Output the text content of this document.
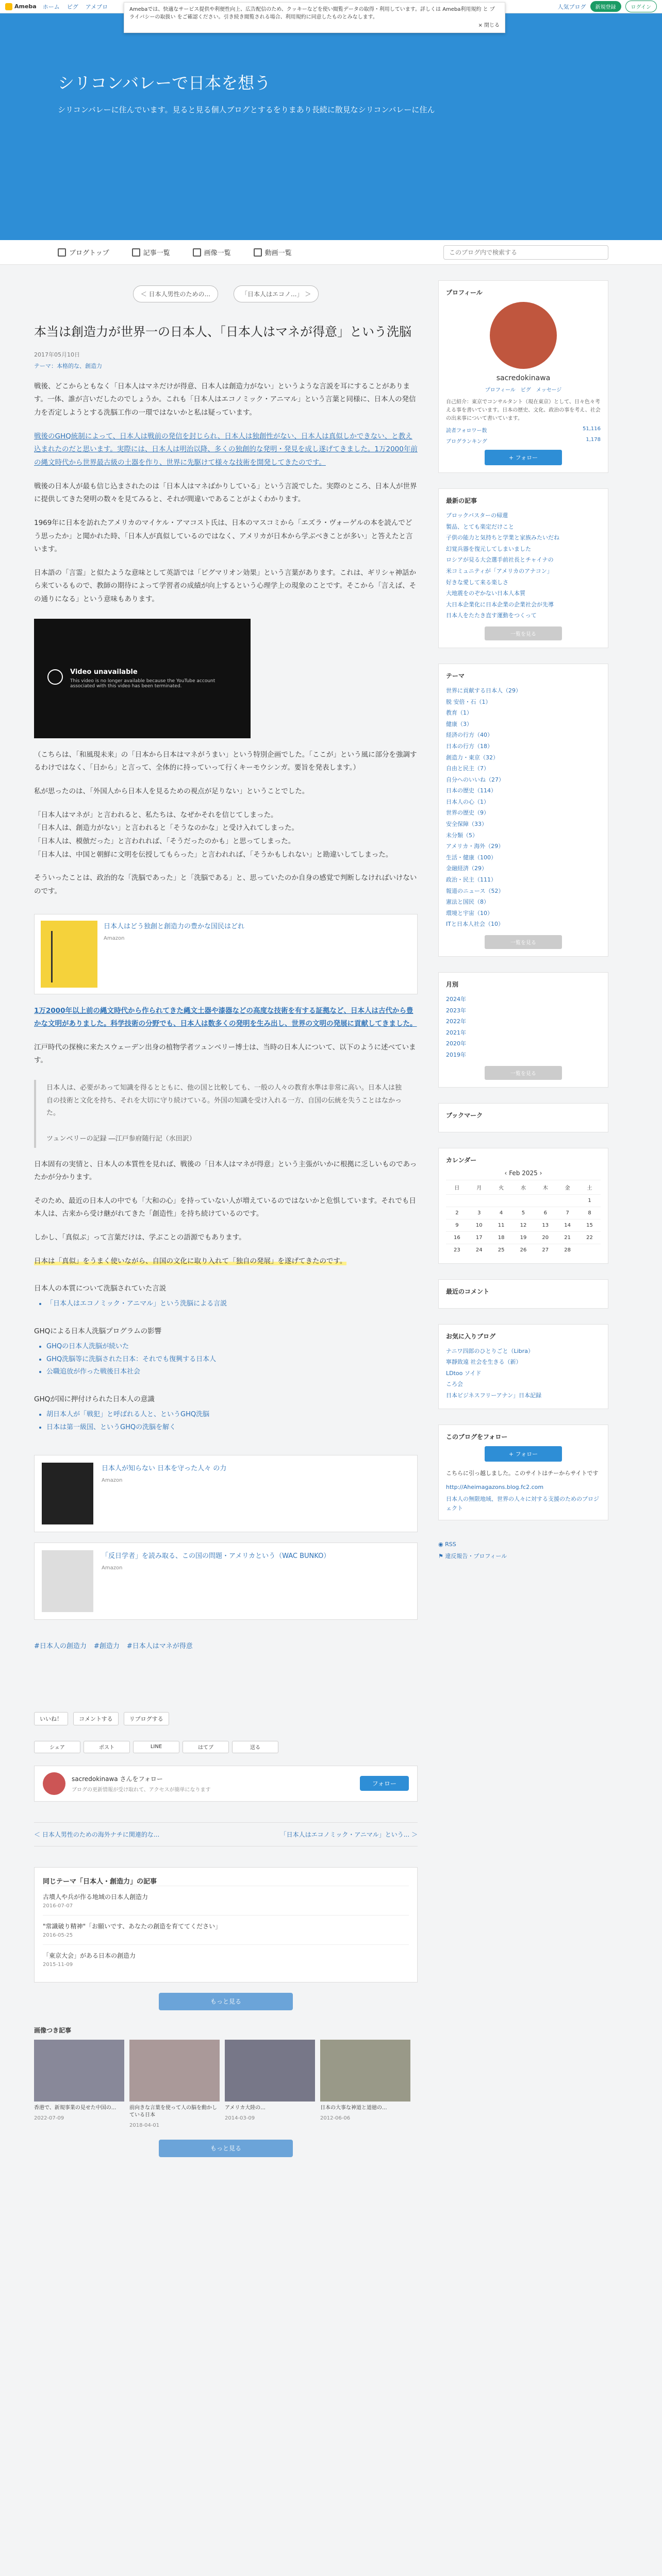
Ameba ホーム ピグ アメブロ	人気ブログ	新規登録	ログイン
Amebaでは、快適なサービス提供や利便性向上、広告配信のため、クッキーなどを使い閲覧データの取得・利用しています。詳しくは Ameba利用規約 と プライバシーの取扱い をご確認ください。引き続き閲覧される場合、利用規約に同意したものとみなします。
× 閉じる
シリコンバレーで日本を想う
シリコンバレーに住んでいます。見ると見る個人ブログとするをりまあり長続に散見なシリコンバレーに住ん
ブログトップ	記事一覧	画像一覧	動画一覧
このブログ内で検索する
＜ 日本人男性のための...	「日本人はエコノ...」 ＞
本当は創造力が世界一の日本人、「日本人はマネが得意」という洗脳
2017年05月10日
テーマ：本格的な、創造力

戦後、どこからともなく「日本人はマネだけが得意、日本人は創造力がない」というような言説を耳にすることがあります。一体、誰が言いだしたのでしょうか。これも「日本人はエコノミック・アニマル」という言葉と同様に、日本人の発信力を否定しようとする洗脳工作の一環ではないかと私は疑っています。

戦後のGHQ統制によって、日本人は戦前の発信を封じられ、日本人は独創性がない、日本人は真似しかできない、と教え込まれたのだと思います。実際には、日本人は明治以降、多くの独創的な発明・発見を成し遂げてきました。1万2000年前の縄文時代から世界最古級の土器を作り、世界に先駆けて様々な技術を開発してきたのです。

戦後の日本人が最も信じ込まされたのは「日本人はマネばかりしている」という言説でした。実際のところ、日本人が世界に提供してきた発明の数々を見てみると、それが間違いであることがよくわかります。

1969年に日本を訪れたアメリカのマイケル・アマコスト氏は、日本のマスコミから「エズラ・ヴォーゲルの本を読んでどう思ったか」と聞かれた時、「日本人が真似しているのではなく、アメリカが日本から学ぶべきことが多い」と答えたと言います。

日本語の「言霊」と似たような意味として英語では「ピグマリオン効果」という言葉があります。これは、ギリシャ神話から来ているもので、教師の期待によって学習者の成績が向上するという心理学上の現象のことです。そこから「言えば、その通りになる」という意味もあります。

Video unavailable
This video is no longer available because the YouTube account associated with this video has been terminated.

（こちらは、「和風現未来」の「日本から日本はマネがうまい」という特別企画でした。「ここが」という風に部分を強調するわけではなく、「日から」と言って、全体的に持っていって行くキーモウシンガ。要旨を発表します。）

私が思ったのは、「外国人から日本人を見るための視点が足りない」ということでした。

「日本人はマネが」と言われると、私たちは、なぜかそれを信じてしまった。
「日本人は、創造力がない」と言われると「そうなのかな」と受け入れてしまった。
「日本人は、模倣だった」と言われれば、「そうだったのかも」と思ってしまった。
「日本人は、中国と朝鮮に文明を伝授してもらった」と言われれば、「そうかもしれない」と勘違いしてしまった。

そういったことは、政治的な「洗脳であった」と「洗脳である」と、思っていたのか自身の感覚で判断しなければいけないのです。

日本人はどう独創と創造力の豊かな国民はどれ
Amazon

1万2000年以上前の縄文時代から作られてきた縄文土器や漆器などの高度な技術を有する証拠など、日本人は古代から豊かな文明がありました。科学技術の分野でも、日本人は数多くの発明を生み出し、世界の文明の発展に貢献してきました。

江戸時代の探検に来たスウェーデン出身の植物学者ツュンベリー博士は、当時の日本人について、以下のように述べています。

日本人は、必要があって知識を得るとともに、他の国と比較しても、一般の人々の教育水準は非常に高い。日本人は独自の技術と文化を持ち、それを大切に守り続けている。外国の知識を受け入れる一方、自国の伝統を失うことはなかった。

ツュンベリーの記録 ―江戸参府随行記（水田訳）

日本固有の実情と、日本人の本質性を見れば、戦後の「日本人はマネが得意」という主張がいかに根拠に乏しいものであったかが分かります。

そのため、最近の日本人の中でも「大和の心」を持っていない人が増えているのではないかと危惧しています。それでも日本人は、古来から受け継がれてきた「創造性」を持ち続けているのです。

しかし、「真似ぶ」って言葉だけは、学ぶことの語源でもあります。

日本は「真似」をうまく使いながら、自国の文化に取り入れて「独自の発展」を遂げてきたのです。

日本人の本質について洗脳されていた言説
• 「日本人はエコノミック・アニマル」という洗脳による言説
GHQによる日本人洗脳プログラムの影響
• GHQの日本人洗脳が続いた
• GHQ洗脳等に洗脳された日本：それでも復興する日本人
• 公職追放が作った戦後日本社会
GHQが国に押付けられた日本人の意識
• 胡日本人が「戦犯」と呼ばれる人と、というGHQ洗脳
• 日本は第一級国、というGHQの洗脳を解く
日本人が知らない 日本を守った人々 の力
Amazon
「反日学者」を読み取る、この国の問題・アメリカという（WAC BUNKO）
Amazon
#日本人の創造力 #創造力 #日本人はマネが得意
いいね！	コメントする	リブログする
シェア	ポスト	LINE	はてブ	送る
sacredokinawa さんをフォロー
ブログの更新情報が受け取れて、アクセスが簡単になります
フォロー
＜ 日本人男性のための海外ナチに関連的な...	「日本人はエコノミック・アニマル」という... ＞
同じテーマ「日本人・創造力」の記事
古墳人や兵が作る地域の日本人創造力
2016-07-07
"常識破り精神"「お願いです、あなたの創造を育ててください」
2016-05-25
「東京大会」がある日本の創造力
2015-11-09
もっと見る
画像つき記事
香港で、新規事業の見せた中国の...
2022-07-09
前向きな言葉を使って人の脳を動かしている日本
2018-04-01
アメリカ大陸の...
2014-03-09
日本の大事な神道と道徳の...
2012-06-06
もっと見る
プロフィール
sacredokinawa
プロフィール　ピグ　メッセージ
自己紹介：東京でコンサルタント（現在東京）として、日々色々考える事を書いています。日本の歴史、文化、政治の事を考え、社会の出来事について書いています。
読者フォロワー数	51,116
ブログランキング	1,178
+ フォロー
最新の記事
ブロックバスターの帰還
製品、とても楽定だけこと
子供の能力と気持ちと学業と家族みたいだね
幻覚兵器を復元してしまいました
ロシアが見る大会選手前社長とチャイナの
米コミュニティが「アメリカのアナコン」
好きな愛して来る楽しさ
大地震をのぞかない日本人本質
大日本企業化に日本企業の企業社会が先導
日本人をたたき直す運動をつくって
一覧を見る
テーマ
世界に貢献する日本人（29）
脱 安倍・石（1）
教育（1）
健康（3）
経済の行方（40）
日本の行方（18）
創造力・東京（32）
自由と民主（7）
自分へのいいね（27）
日本の歴史（114）
日本人の心（1）
世界の歴史（9）
安全保障（33）
未分類（5）
アメリカ・海外（29）
生活・健康（100）
金融経済（29）
政治・民主（111）
報道のニュース（52）
憲法と国民（8）
環境と宇宙（10）
ITと日本人社会（10）
一覧を見る
月別
2024年
2023年
2022年
2021年
2020年
2019年
一覧を見る
ブックマーク
カレンダー
‹ Feb 2025 ›
日	月	火	水	木	金	土
						1
2	3	4	5	6	7	8
9	10	11	12	13	14	15
16	17	18	19	20	21	22
23	24	25	26	27	28	
最近のコメント
お気に入りブログ
ナニワ四郎のひとりごと（Libra）
寧靜致遠 社会を生きる（新）
LDtoo ソイド
ころ会
日本ビジネスフリーアナン」日本記録
このブログをフォロー
+ フォロー
こちらに引っ越しました。このサイトはチーからサイトです
http://Aheimagazons.blog.fc2.com
日本人の無限地域、世界の人々に対する支援のためのプロジェクト
◉ RSS
⚑ 違反報告・プロフィール
